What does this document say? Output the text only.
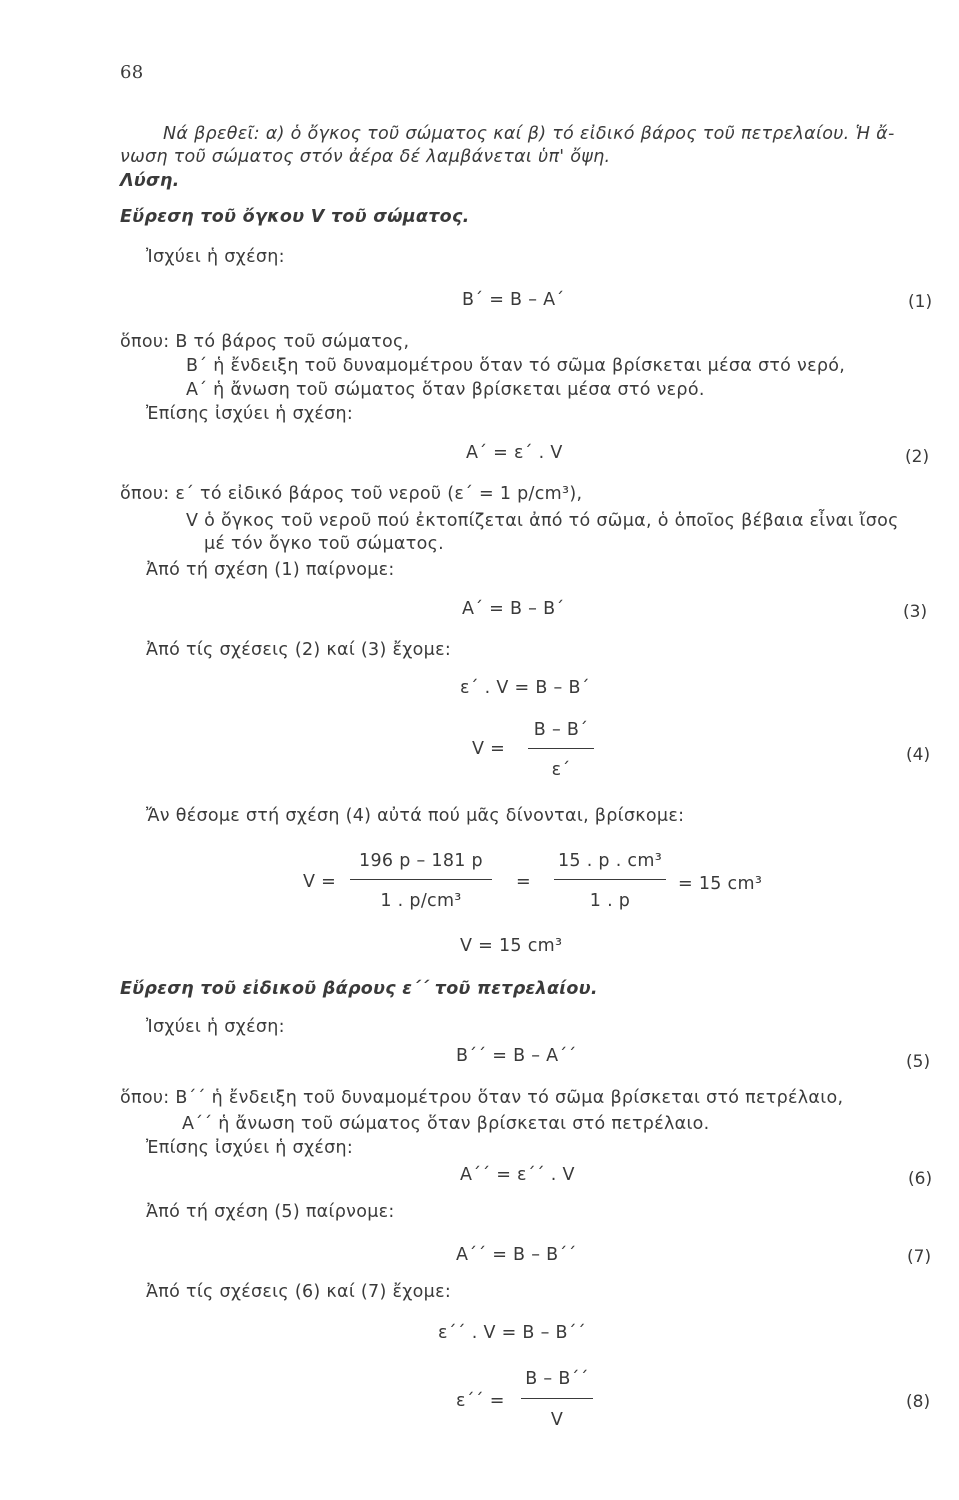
68
Νά βρεθεῖ: α) ὁ ὄγκος τοῦ σώματος καί β) τό εἰδικό βάρος τοῦ πετρελαίου. Ἡ ἄ-
νωση τοῦ σώματος στόν ἀέρα δέ λαμβάνεται ὑπ' ὄψη.
Λύση.
Εὕρεση τοῦ ὄγκου V τοῦ σώματος.
Ἰσχύει ἡ σχέση:
Β΄ = Β – Α΄	(1)
ὅπου: Β τό βάρος τοῦ σώματος,
Β΄ ἡ ἔνδειξη τοῦ δυναμομέτρου ὅταν τό σῶμα βρίσκεται μέσα στό νερό,
Α΄ ἡ ἄνωση τοῦ σώματος ὅταν βρίσκεται μέσα στό νερό.
Ἐπίσης ἰσχύει ἡ σχέση:
Α΄ = ε΄ . V	(2)
ὅπου: ε΄ τό εἰδικό βάρος τοῦ νεροῦ (ε΄ = 1 p/cm³),
V ὁ ὄγκος τοῦ νεροῦ πού ἐκτοπίζεται ἀπό τό σῶμα, ὁ ὁποῖος βέβαια εἶναι ἴσος
μέ τόν ὄγκο τοῦ σώματος.
Ἀπό τή σχέση (1) παίρνομε:
Α΄ = Β – Β΄	(3)
Ἀπό τίς σχέσεις (2) καί (3) ἔχομε:
ε΄ . V = Β – Β΄
V =
Β – Β΄
ε΄
(4)
Ἄν θέσομε στή σχέση (4) αὐτά πού μᾶς δίνονται, βρίσκομε:
V =
196 p – 181 p
1 . p/cm³
=
15 . p . cm³
1 . p
= 15 cm³
V = 15 cm³
Εὕρεση τοῦ εἰδικοῦ βάρους ε΄΄ τοῦ πετρελαίου.
Ἰσχύει ἡ σχέση:
Β΄΄ = Β – Α΄΄	(5)
ὅπου: Β΄΄ ἡ ἔνδειξη τοῦ δυναμομέτρου ὅταν τό σῶμα βρίσκεται στό πετρέλαιο,
Α΄΄ ἡ ἄνωση τοῦ σώματος ὅταν βρίσκεται στό πετρέλαιο.
Ἐπίσης ἰσχύει ἡ σχέση:
Α΄΄ = ε΄΄ . V	(6)
Ἀπό τή σχέση (5) παίρνομε:
Α΄΄ = Β – Β΄΄	(7)
Ἀπό τίς σχέσεις (6) καί (7) ἔχομε:
ε΄΄ . V = Β – Β΄΄
ε΄΄ =
Β – Β΄΄
V
(8)
